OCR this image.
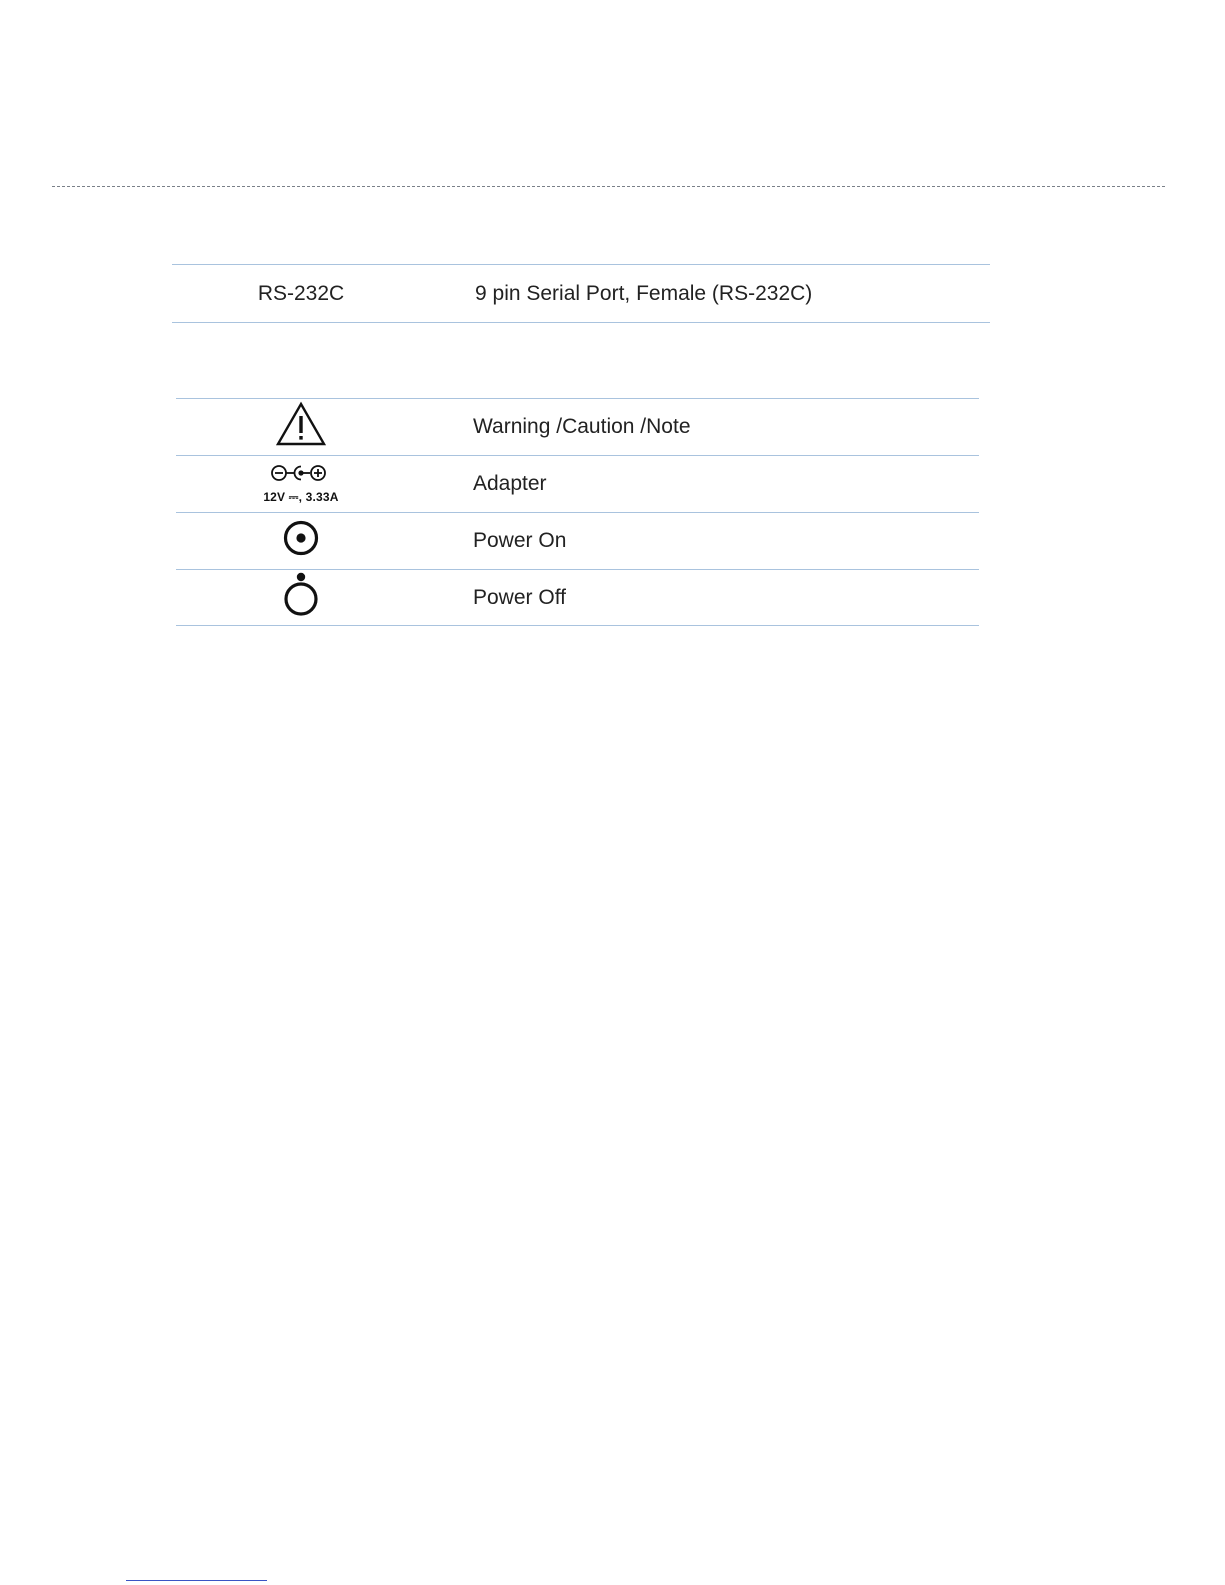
RS-232C	9 pin Serial Port, Female (RS-232C)
Warning /Caution /Note
12V ⎓, 3.33A
Adapter
Power On
Power Off
